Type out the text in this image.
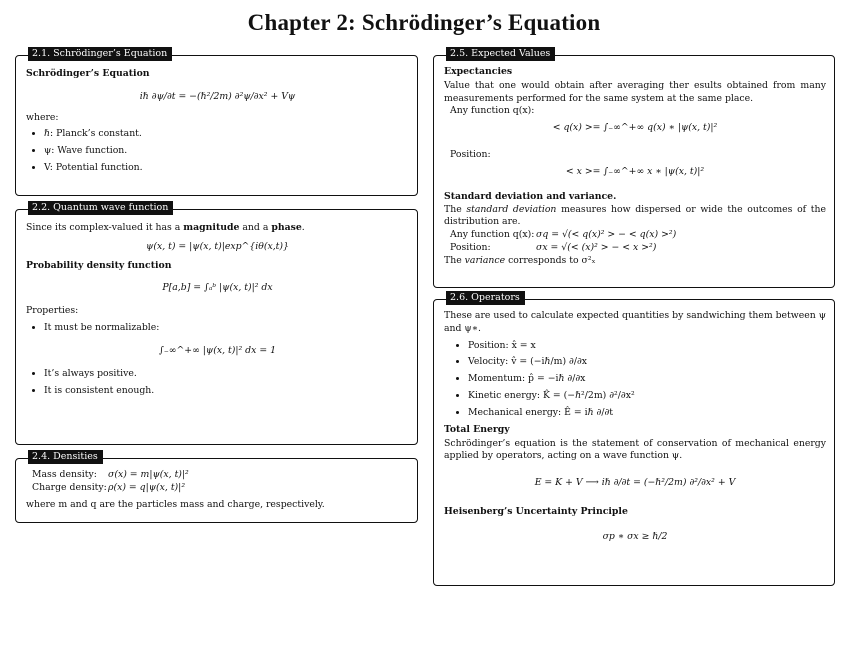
Chapter 2: Schrödinger’s Equation
2.1. Schrödinger’s Equation
Schrödinger’s Equation
iℏ ∂ψ/∂t = −(ℏ²/2m) ∂²ψ/∂x² + Vψ
where:
• ℏ: Planck’s constant.
• ψ: Wave function.
• V: Potential function.
2.2. Quantum wave function
Since its complex-valued it has a magnitude and a phase.
ψ(x, t) = |ψ(x, t)|exp^{iθ(x,t)}
Probability density function
P[a,b] = ∫ₐᵇ |ψ(x, t)|² dx
Properties:
• It must be normalizable:
∫₋∞^+∞ |ψ(x, t)|² dx = 1
• It’s always positive.
• It is consistent enough.
2.4. Densities
Mass density:	σ(x) = m|ψ(x, t)|²
Charge density: ρ(x) = q|ψ(x, t)|²
where m and q are the particles mass and charge, respectively.
2.5. Expected Values
Expectancies
Value that one would obtain after averaging ther esults obtained from many measurements performed for the same system at the same place.
Any function q(x):
< q(x) >= ∫₋∞^+∞ q(x) ∗ |ψ(x, t)|²
Position:
< x >= ∫₋∞^+∞ x ∗ |ψ(x, t)|²
Standard deviation and variance.
The standard deviation measures how dispersed or wide the outcomes of the distribution are.
Any function q(x): σq = √(< q(x)² > − < q(x) >²)
Position:	σx = √(< (x)² > − < x >²)
The variance corresponds to σ²ₓ
2.6. Operators
These are used to calculate expected quantities by sandwiching them between ψ and ψ∗.
• Position: x̂ = x
• Velocity: v̂ = (−iℏ/m) ∂/∂x
• Momentum: p̂ = −iℏ ∂/∂x
• Kinetic energy: K̂ = (−ℏ²/2m) ∂²/∂x²
• Mechanical energy: Ê = iℏ ∂/∂t
Total Energy
Schrödinger’s equation is the statement of conservation of mechanical energy applied by operators, acting on a wave function ψ.
E = K + V ⟶ iℏ ∂/∂t = (−ℏ²/2m) ∂²/∂x² + V
Heisenberg’s Uncertainty Principle
σp ∗ σx ≥ ℏ/2
